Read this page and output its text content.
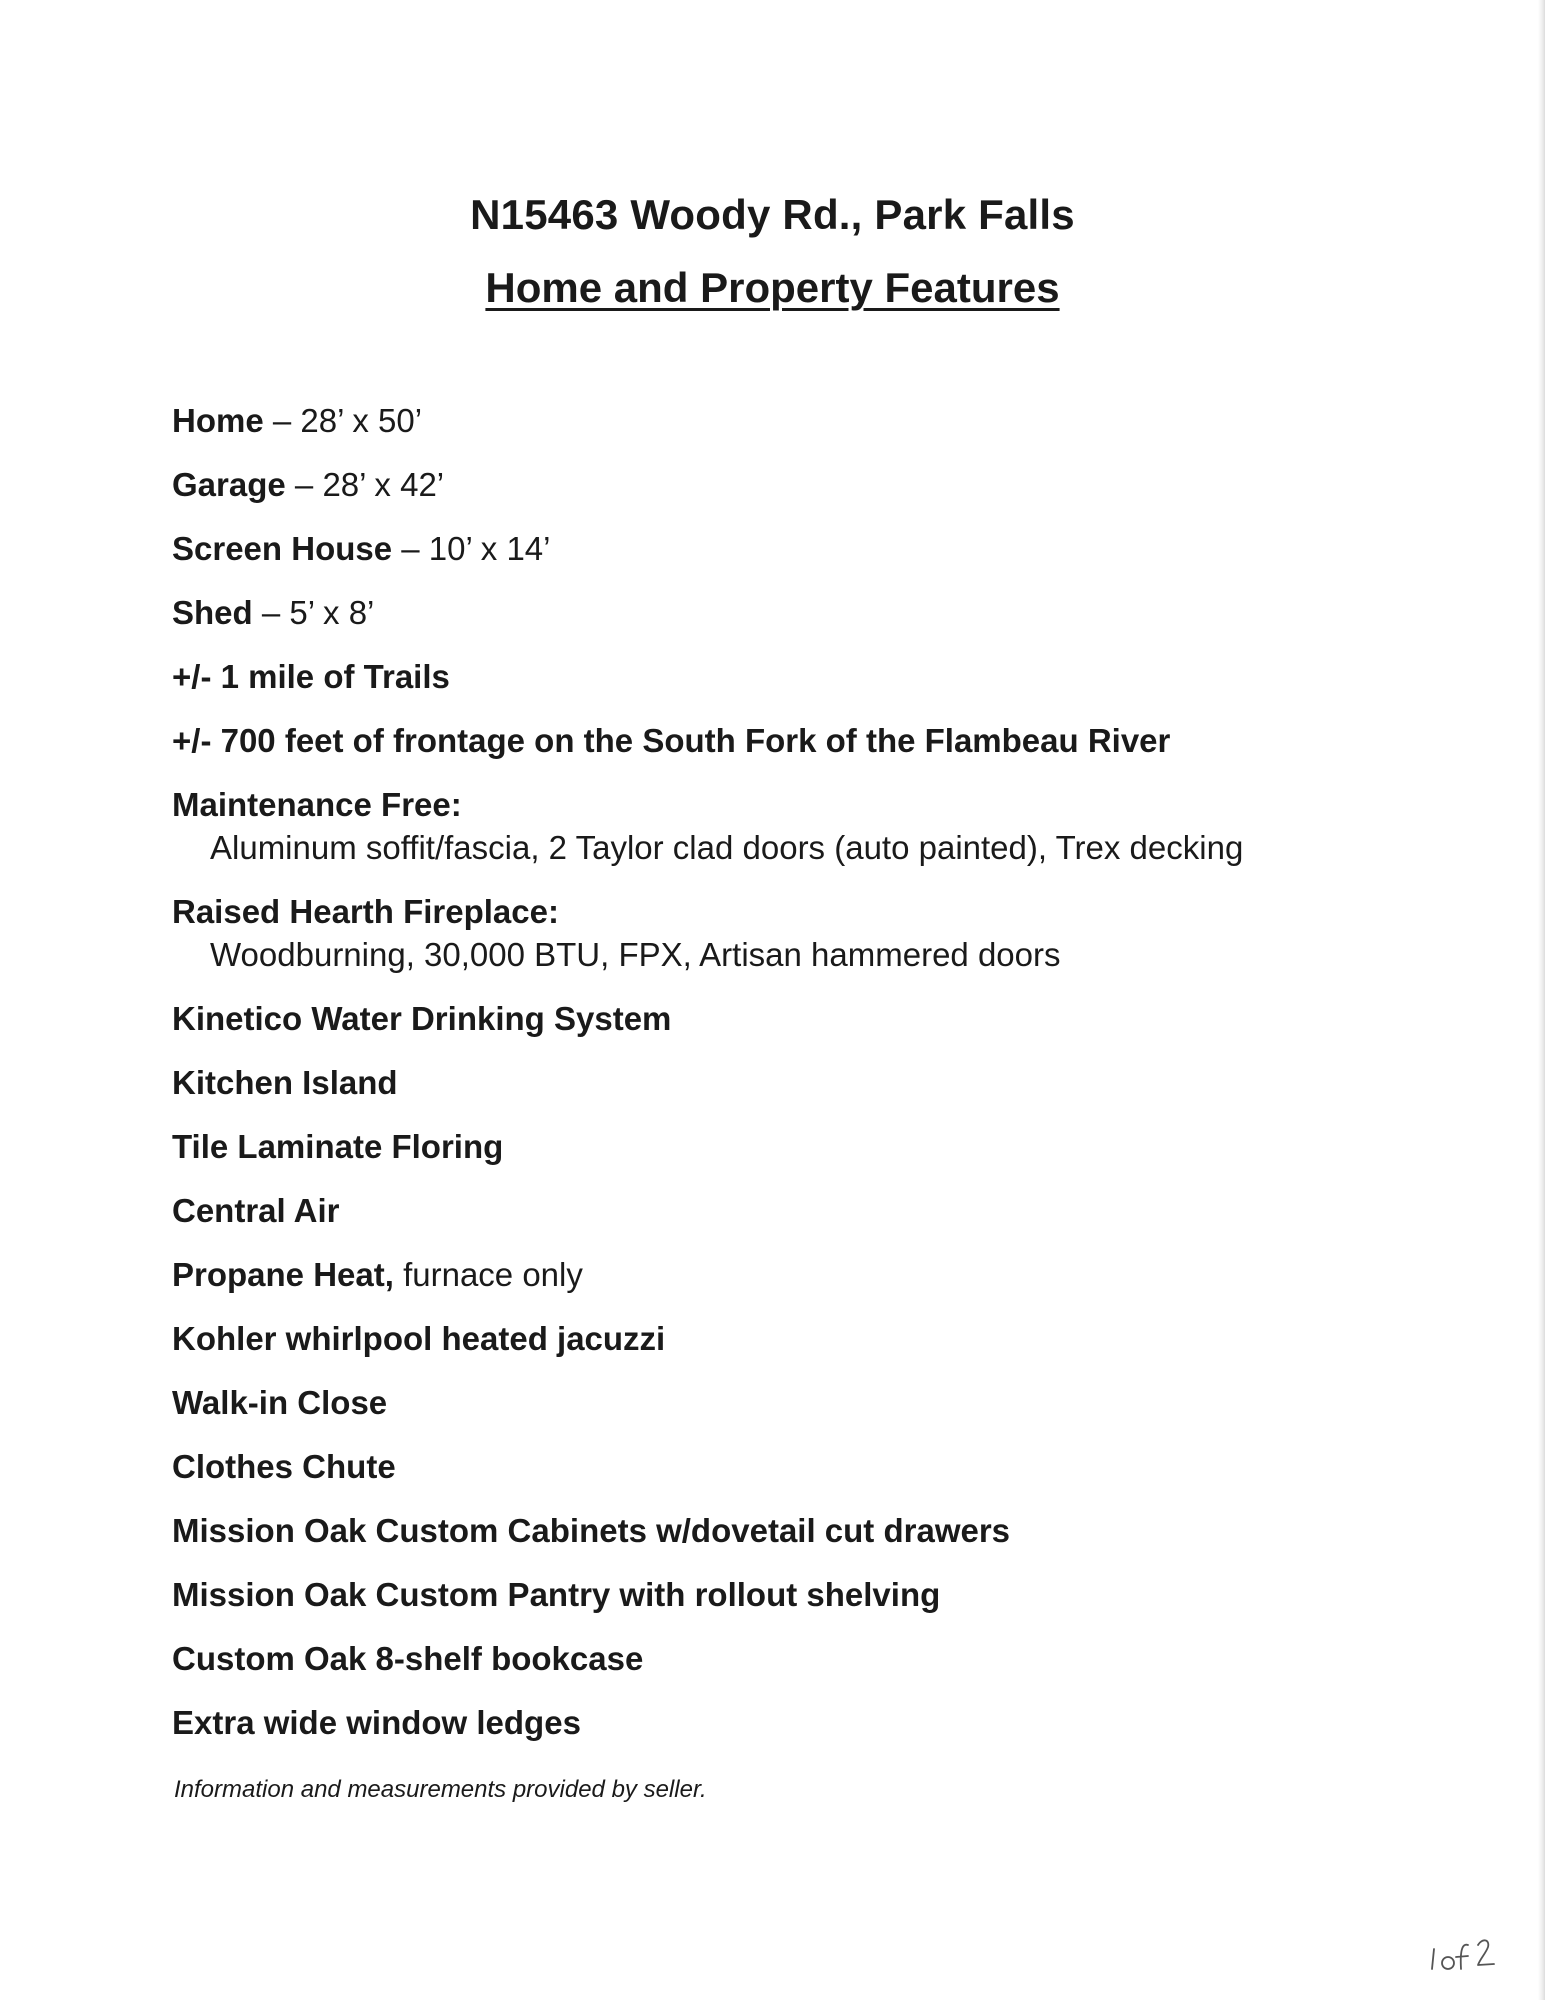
N15463 Woody Rd., Park Falls
Home and Property Features
Home – 28’ x 50’
Garage – 28’ x 42’
Screen House – 10’ x 14’
Shed – 5’ x 8’
+/- 1 mile of Trails
+/- 700 feet of frontage on the South Fork of the Flambeau River
Maintenance Free:
Aluminum soffit/fascia, 2 Taylor clad doors (auto painted), Trex decking
Raised Hearth Fireplace:
Woodburning, 30,000 BTU, FPX, Artisan hammered doors
Kinetico Water Drinking System
Kitchen Island
Tile Laminate Floring
Central Air
Propane Heat, furnace only
Kohler whirlpool heated jacuzzi
Walk-in Close
Clothes Chute
Mission Oak Custom Cabinets w/dovetail cut drawers
Mission Oak Custom Pantry with rollout shelving
Custom Oak 8-shelf bookcase
Extra wide window ledges

Information and measurements provided by seller.
